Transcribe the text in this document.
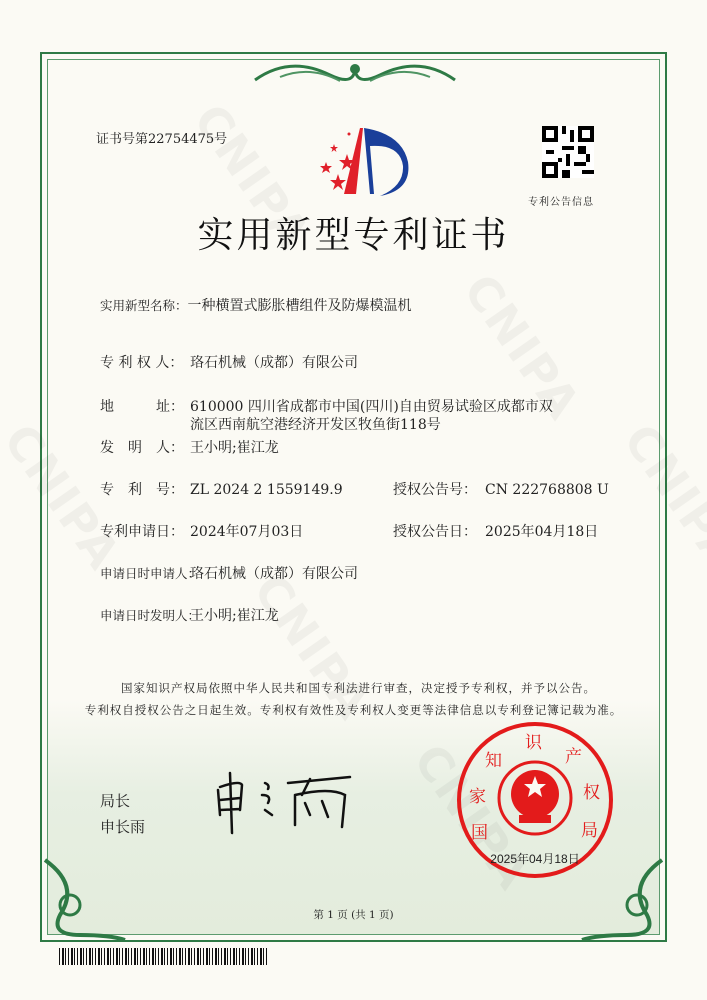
证书号第22754475号
专利公告信息
实用新型专利证书
实用新型名称：一种横置式膨胀槽组件及防爆模温机
专 利 权 人： 珞石机械（成都）有限公司
地　　　址： 610000 四川省成都市中国(四川)自由贸易试验区成都市双
流区西南航空港经济开发区牧鱼街118号
发　明　人： 王小明;崔江龙
专　利　号： ZL 2024 2 1559149.9	授权公告号： CN 222768808 U
专利申请日： 2024年07月03日	授权公告日： 2025年04月18日
申请日时申请人：珞石机械（成都）有限公司
申请日时发明人：王小明;崔江龙
国家知识产权局依照中华人民共和国专利法进行审查，决定授予专利权，并予以公告。
专利权自授权公告之日起生效。专利权有效性及专利权人变更等法律信息以专利登记簿记载为准。
局长
申长雨
2025年04月18日
国家知识产权局
第 1 页 (共 1 页)
